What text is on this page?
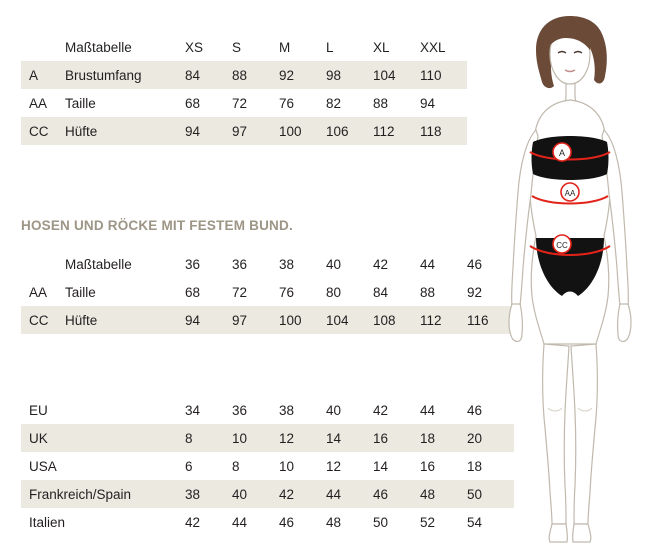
	Maßtabelle	XS	S	M	L	XL	XXL
A	Brustumfang	84	88	92	98	104	110
AA	Taille	68	72	76	82	88	94
CC	Hüfte	94	97	100	106	112	118
HOSEN UND RÖCKE MIT FESTEM BUND.
	Maßtabelle	36	36	38	40	42	44	46
AA	Taille	68	72	76	80	84	88	92
CC	Hüfte	94	97	100	104	108	112	116
EU	34	36	38	40	42	44	46
UK	8	10	12	14	16	18	20
USA	6	8	10	12	14	16	18
Frankreich/Spain	38	40	42	44	46	48	50
Italien	42	44	46	48	50	52	54
A
AA
CC
